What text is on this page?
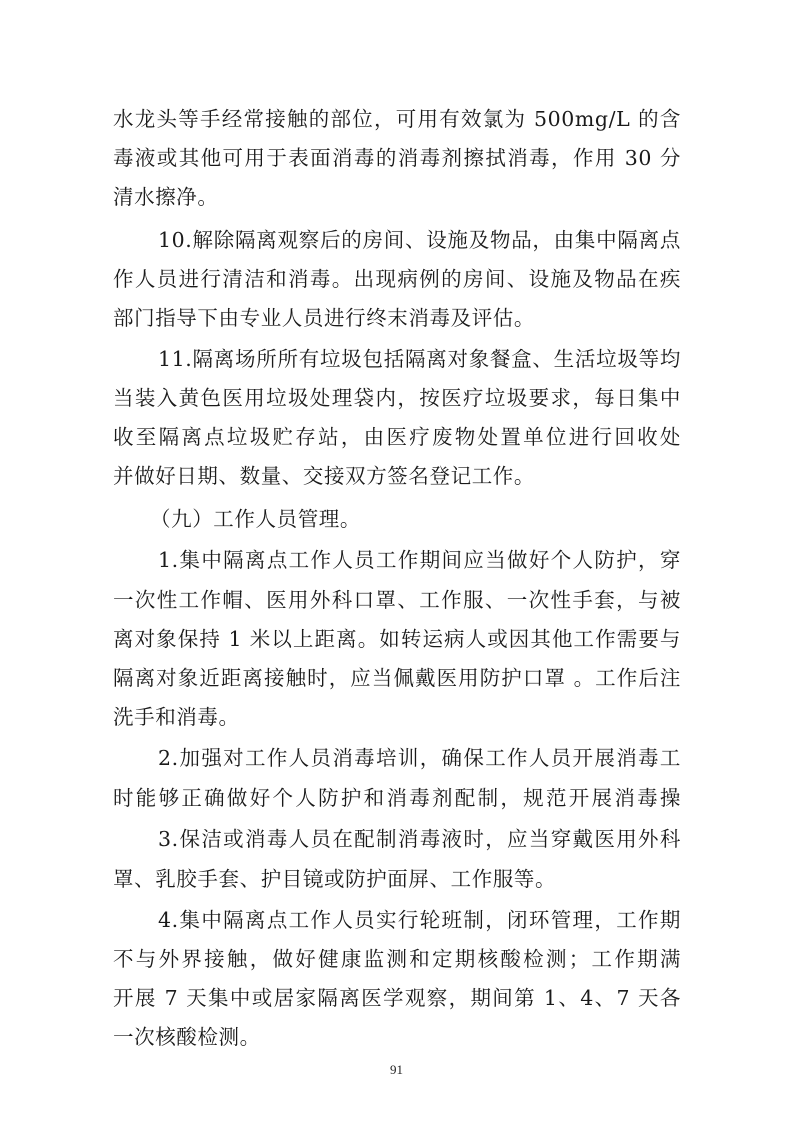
水龙头等手经常接触的部位，可用有效氯为 500mg/L 的含
毒液或其他可用于表面消毒的消毒剂擦拭消毒，作用 30 分
清水擦净。
10.解除隔离观察后的房间、设施及物品，由集中隔离点
作人员进行清洁和消毒。出现病例的房间、设施及物品在疾
部门指导下由专业人员进行终末消毒及评估。
11.隔离场所所有垃圾包括隔离对象餐盒、生活垃圾等均
当装入黄色医用垃圾处理袋内，按医疗垃圾要求，每日集中
收至隔离点垃圾贮存站，由医疗废物处置单位进行回收处
并做好日期、数量、交接双方签名登记工作。
（九）工作人员管理。
1.集中隔离点工作人员工作期间应当做好个人防护，穿
一次性工作帽、医用外科口罩、工作服、一次性手套，与被
离对象保持 1 米以上距离。如转运病人或因其他工作需要与
隔离对象近距离接触时，应当佩戴医用防护口罩 。工作后注
洗手和消毒。
2.加强对工作人员消毒培训，确保工作人员开展消毒工
时能够正确做好个人防护和消毒剂配制，规范开展消毒操
3.保洁或消毒人员在配制消毒液时，应当穿戴医用外科
罩、乳胶手套、护目镜或防护面屏、工作服等。
4.集中隔离点工作人员实行轮班制，闭环管理，工作期
不与外界接触，做好健康监测和定期核酸检测；工作期满
开展 7 天集中或居家隔离医学观察，期间第 1、4、7 天各
一次核酸检测。
91
